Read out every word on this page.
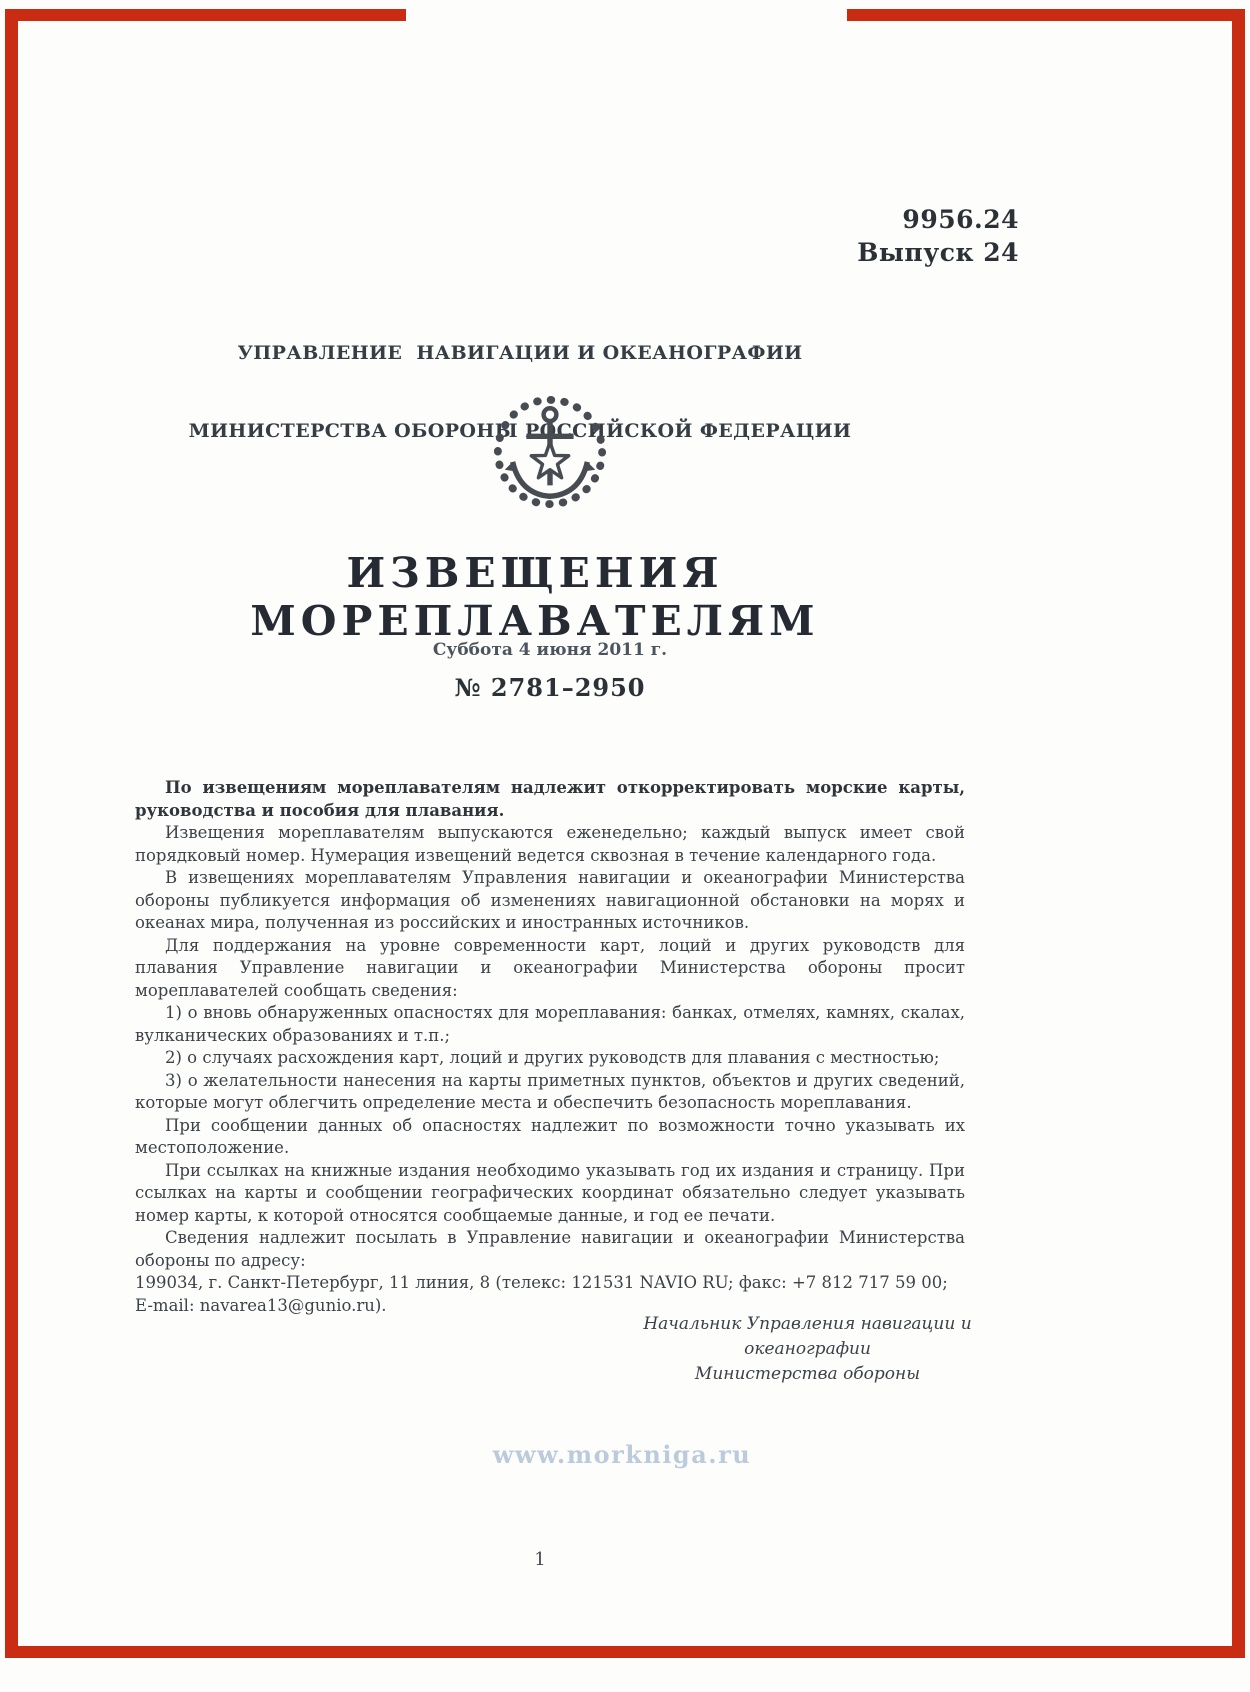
9956.24
Выпуск 24

УПРАВЛЕНИЕ  НАВИГАЦИИ И ОКЕАНОГРАФИИ

МИНИСТЕРСТВА ОБОРОНЫ РОССИЙСКОЙ ФЕДЕРАЦИИ

ИЗВЕЩЕНИЯ МОРЕПЛАВАТЕЛЯМ
Суббота 4 июня 2011 г.
№ 2781–2950

По извещениям мореплавателям надлежит откорректировать морские карты, руководства и пособия для плавания.

Извещения мореплавателям выпускаются еженедельно; каждый выпуск имеет свой порядковый номер. Нумерация извещений ведется сквозная в течение календарного года.

В извещениях мореплавателям Управления навигации и океанографии Министерства обороны публикуется информация об изменениях навигационной обстановки на морях и океанах мира, полученная из российских и иностранных источников.

Для поддержания на уровне современности карт, лоций и других руководств для плавания Управление навигации и океанографии Министерства обороны просит мореплавателей сообщать сведения:

1) о вновь обнаруженных опасностях для мореплавания: банках, отмелях, камнях, скалах, вулканических образованиях и т.п.;

2) о случаях расхождения карт, лоций и других руководств для плавания с местностью;

3) о желательности нанесения на карты приметных пунктов, объектов и других сведений, которые могут облегчить определение места и обеспечить безопасность мореплавания.

При сообщении данных об опасностях надлежит по возможности точно указывать их местоположение.

При ссылках на книжные издания необходимо указывать год их издания и страницу. При ссылках на карты и сообщении географических координат обязательно следует указывать номер карты, к которой относятся сообщаемые данные, и год ее печати.

Сведения надлежит посылать в Управление навигации и океанографии Министерства обороны по адресу:

199034, г. Санкт-Петербург, 11 линия, 8 (телекс: 121531 NAVIO RU; факс: +7 812 717 59 00;

E-mail: navarea13@gunio.ru).

Начальник Управления навигации и океанографии
Министерства обороны
www.morkniga.ru
1
